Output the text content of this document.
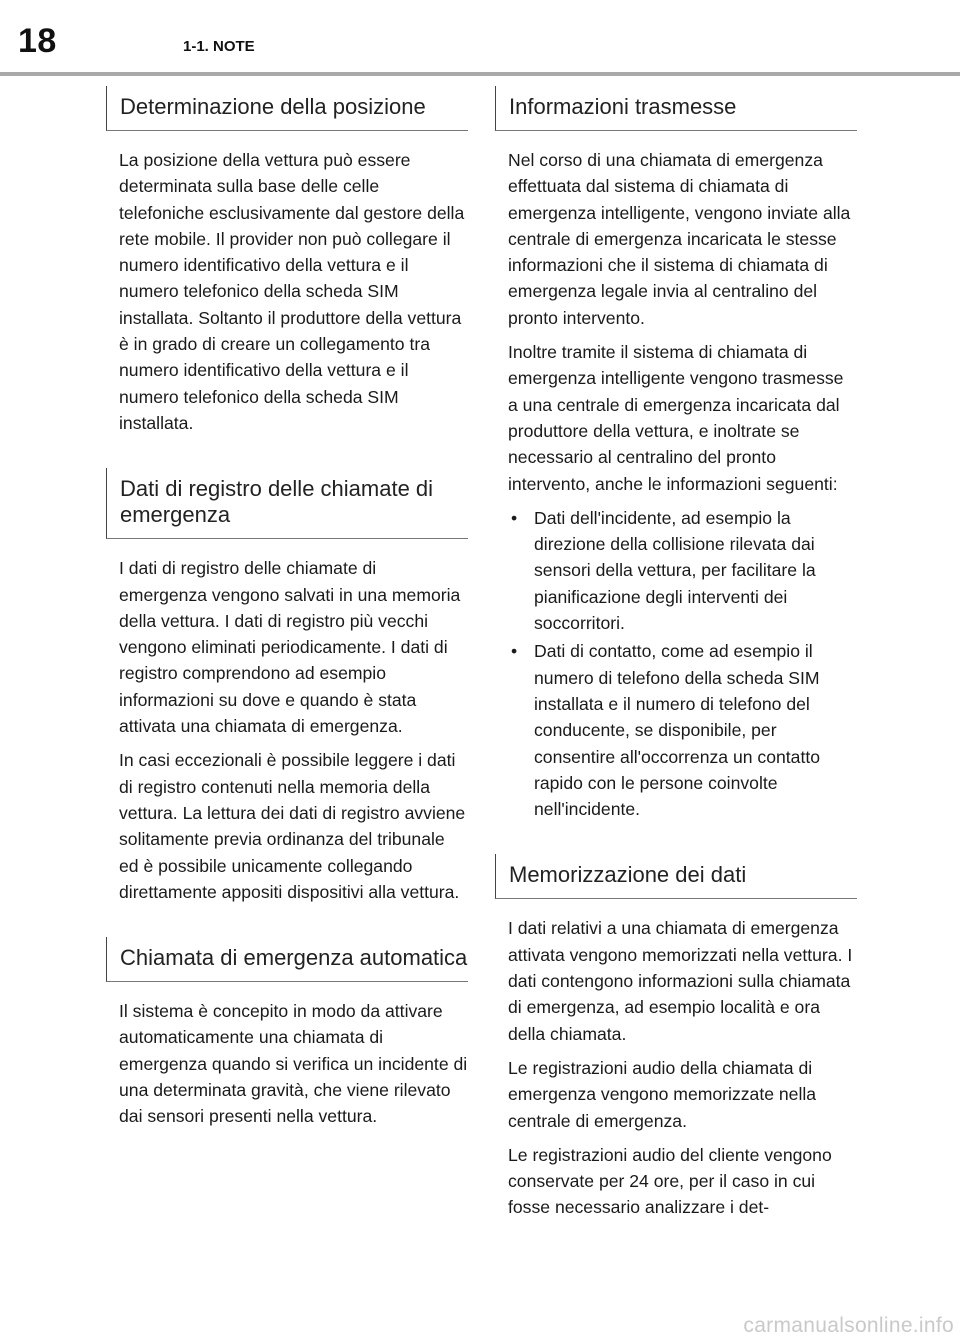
18	1-1. NOTE
Determinazione della posizione

La posizione della vettura può essere determinata sulla base delle celle telefoniche esclusivamente dal gestore della rete mobile. Il provider non può collegare il numero identificativo della vettura e il numero telefonico della scheda SIM installata. Soltanto il produttore della vettura è in grado di creare un collegamento tra numero identificativo della vettura e il numero telefonico della scheda SIM installata.

Dati di registro delle chiamate di emergenza

I dati di registro delle chiamate di emergenza vengono salvati in una memoria della vettura. I dati di registro più vecchi vengono eliminati periodicamente. I dati di registro comprendono ad esempio informazioni su dove e quando è stata attivata una chiamata di emergenza.

In casi eccezionali è possibile leggere i dati di registro contenuti nella memoria della vettura. La lettura dei dati di registro avviene solitamente previa ordinanza del tribunale ed è possibile unicamente collegando direttamente appositi dispositivi alla vettura.

Chiamata di emergenza automatica

Il sistema è concepito in modo da attivare automaticamente una chiamata di emergenza quando si verifica un incidente di una determinata gravità, che viene rilevato dai sensori presenti nella vettura.

Informazioni trasmesse

Nel corso di una chiamata di emergenza effettuata dal sistema di chiamata di emergenza intelligente, vengono inviate alla centrale di emergenza incaricata le stesse informazioni che il sistema di chiamata di emergenza legale invia al centralino del pronto intervento.

Inoltre tramite il sistema di chiamata di emergenza intelligente vengono trasmesse a una centrale di emergenza incaricata dal produttore della vettura, e inoltrate se necessario al centralino del pronto intervento, anche le informazioni seguenti:

• Dati dell'incidente, ad esempio la direzione della collisione rilevata dai sensori della vettura, per facilitare la pianificazione degli interventi dei soccorritori.
• Dati di contatto, come ad esempio il numero di telefono della scheda SIM installata e il numero di telefono del conducente, se disponibile, per consentire all'occorrenza un contatto rapido con le persone coinvolte nell'incidente.
Memorizzazione dei dati

I dati relativi a una chiamata di emergenza attivata vengono memorizzati nella vettura. I dati contengono informazioni sulla chiamata di emergenza, ad esempio località e ora della chiamata.

Le registrazioni audio della chiamata di emergenza vengono memorizzate nella centrale di emergenza.

Le registrazioni audio del cliente vengono conservate per 24 ore, per il caso in cui fosse necessario analizzare i det-

carmanualsonline.info
